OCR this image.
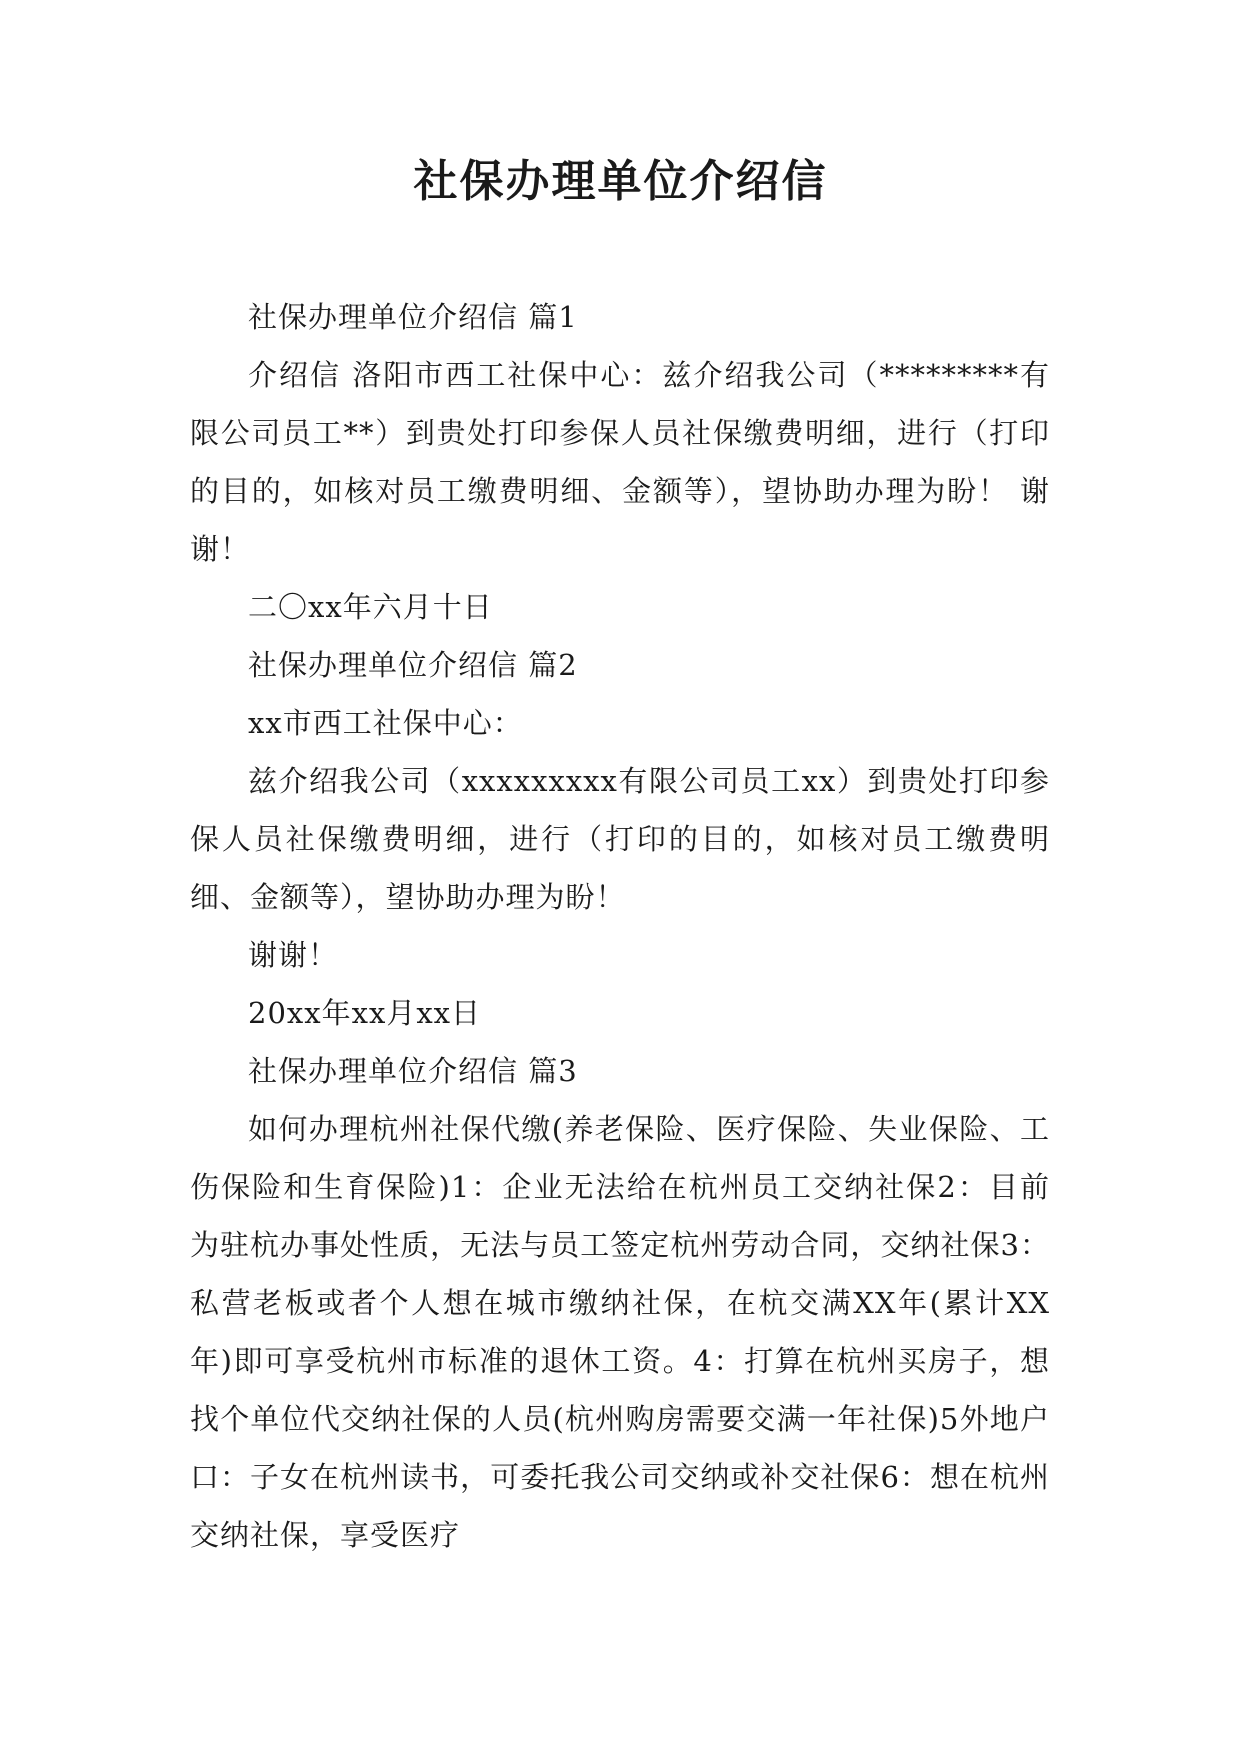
社保办理单位介绍信

社保办理单位介绍信 篇1

介绍信 洛阳市西工社保中心：兹介绍我公司（*********有限公司员工**）到贵处打印参保人员社保缴费明细，进行（打印的目的，如核对员工缴费明细、金额等），望协助办理为盼！ 谢谢！

二〇xx年六月十日

社保办理单位介绍信 篇2

xx市西工社保中心：

兹介绍我公司（xxxxxxxxx有限公司员工xx）到贵处打印参保人员社保缴费明细，进行（打印的目的，如核对员工缴费明细、金额等），望协助办理为盼！

谢谢！

20xx年xx月xx日

社保办理单位介绍信 篇3

如何办理杭州社保代缴(养老保险、医疗保险、失业保险、工伤保险和生育保险)1：企业无法给在杭州员工交纳社保2：目前为驻杭办事处性质，无法与员工签定杭州劳动合同，交纳社保3：私营老板或者个人想在城市缴纳社保，在杭交满XX年(累计XX年)即可享受杭州市标准的退休工资。4：打算在杭州买房子，想找个单位代交纳社保的人员(杭州购房需要交满一年社保)5外地户口：子女在杭州读书，可委托我公司交纳或补交社保6：想在杭州交纳社保，享受医疗
